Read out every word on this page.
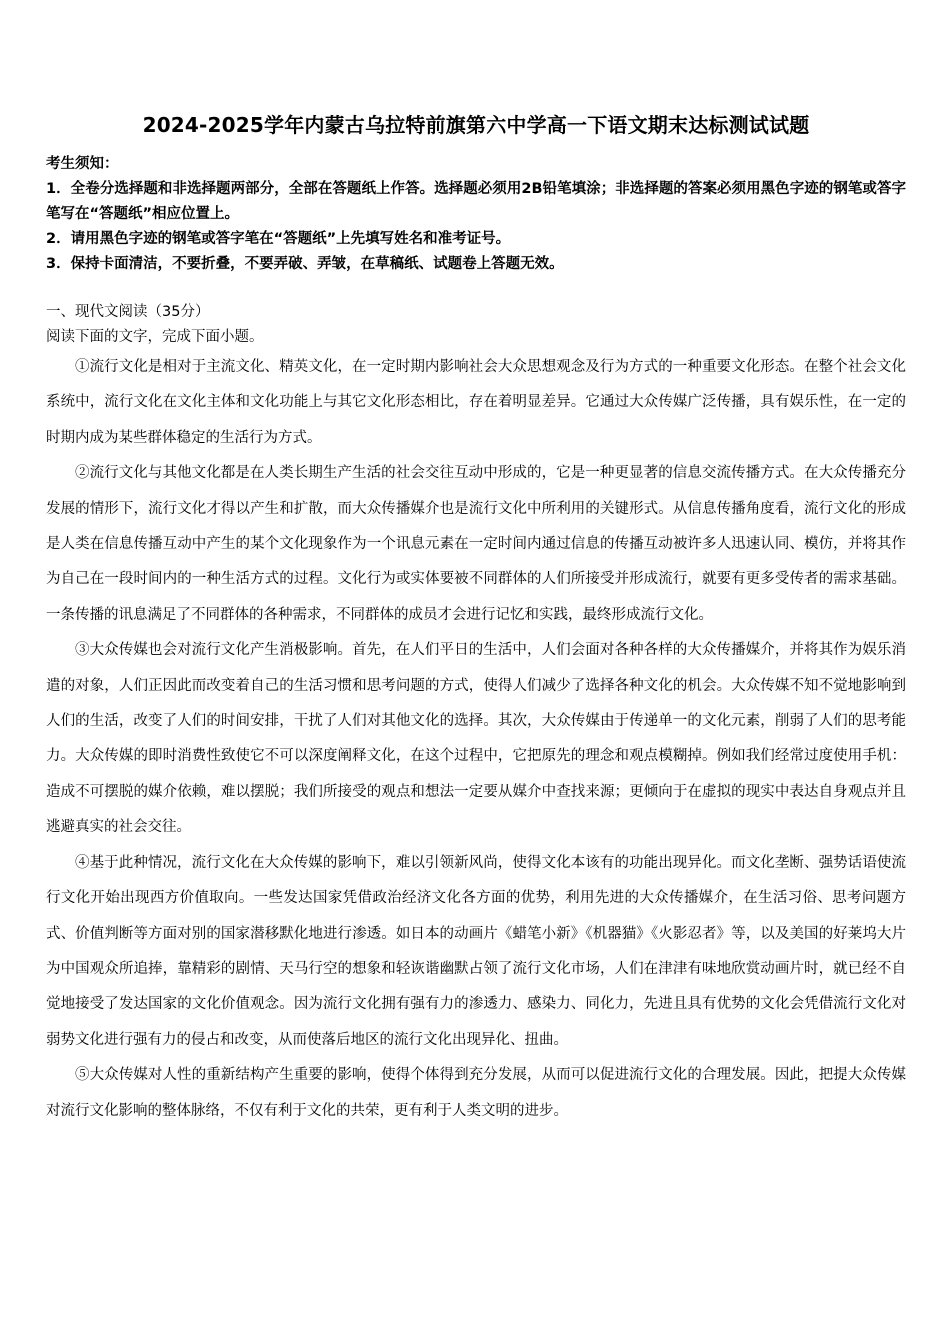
2024-2025学年内蒙古乌拉特前旗第六中学高一下语文期末达标测试试题
考生须知：
1．全卷分选择题和非选择题两部分，全部在答题纸上作答。选择题必须用2B铅笔填涂；非选择题的答案必须用黑色字迹的钢笔或答字笔写在“答题纸”相应位置上。
2．请用黑色字迹的钢笔或答字笔在“答题纸”上先填写姓名和准考证号。
3．保持卡面清洁，不要折叠，不要弄破、弄皱，在草稿纸、试题卷上答题无效。
一、现代文阅读（35分）
阅读下面的文字，完成下面小题。

①流行文化是相对于主流文化、精英文化，在一定时期内影响社会大众思想观念及行为方式的一种重要文化形态。在整个社会文化系统中，流行文化在文化主体和文化功能上与其它文化形态相比，存在着明显差异。它通过大众传媒广泛传播，具有娱乐性，在一定的时期内成为某些群体稳定的生活行为方式。

②流行文化与其他文化都是在人类长期生产生活的社会交往互动中形成的，它是一种更显著的信息交流传播方式。在大众传播充分发展的情形下，流行文化才得以产生和扩散，而大众传播媒介也是流行文化中所利用的关键形式。从信息传播角度看，流行文化的形成是人类在信息传播互动中产生的某个文化现象作为一个讯息元素在一定时间内通过信息的传播互动被许多人迅速认同、模仿，并将其作为自己在一段时间内的一种生活方式的过程。文化行为或实体要被不同群体的人们所接受并形成流行，就要有更多受传者的需求基础。一条传播的讯息满足了不同群体的各种需求，不同群体的成员才会进行记忆和实践，最终形成流行文化。

③大众传媒也会对流行文化产生消极影响。首先，在人们平日的生活中，人们会面对各种各样的大众传播媒介，并将其作为娱乐消遣的对象，人们正因此而改变着自己的生活习惯和思考问题的方式，使得人们减少了选择各种文化的机会。大众传媒不知不觉地影响到人们的生活，改变了人们的时间安排，干扰了人们对其他文化的选择。其次，大众传媒由于传递单一的文化元素，削弱了人们的思考能力。大众传媒的即时消费性致使它不可以深度阐释文化，在这个过程中，它把原先的理念和观点模糊掉。例如我们经常过度使用手机：造成不可摆脱的媒介依赖，难以摆脱；我们所接受的观点和想法一定要从媒介中查找来源；更倾向于在虚拟的现实中表达自身观点并且逃避真实的社会交往。

④基于此种情况，流行文化在大众传媒的影响下，难以引领新风尚，使得文化本该有的功能出现异化。而文化垄断、强势话语使流行文化开始出现西方价值取向。一些发达国家凭借政治经济文化各方面的优势，利用先进的大众传播媒介，在生活习俗、思考问题方式、价值判断等方面对别的国家潜移默化地进行渗透。如日本的动画片《蜡笔小新》《机器猫》《火影忍者》等，以及美国的好莱坞大片为中国观众所追捧，靠精彩的剧情、天马行空的想象和轻诙谐幽默占领了流行文化市场，人们在津津有味地欣赏动画片时，就已经不自觉地接受了发达国家的文化价值观念。因为流行文化拥有强有力的渗透力、感染力、同化力，先进且具有优势的文化会凭借流行文化对弱势文化进行强有力的侵占和改变，从而使落后地区的流行文化出现异化、扭曲。

⑤大众传媒对人性的重新结构产生重要的影响，使得个体得到充分发展，从而可以促进流行文化的合理发展。因此，把提大众传媒对流行文化影响的整体脉络，不仅有利于文化的共荣，更有利于人类文明的进步。
